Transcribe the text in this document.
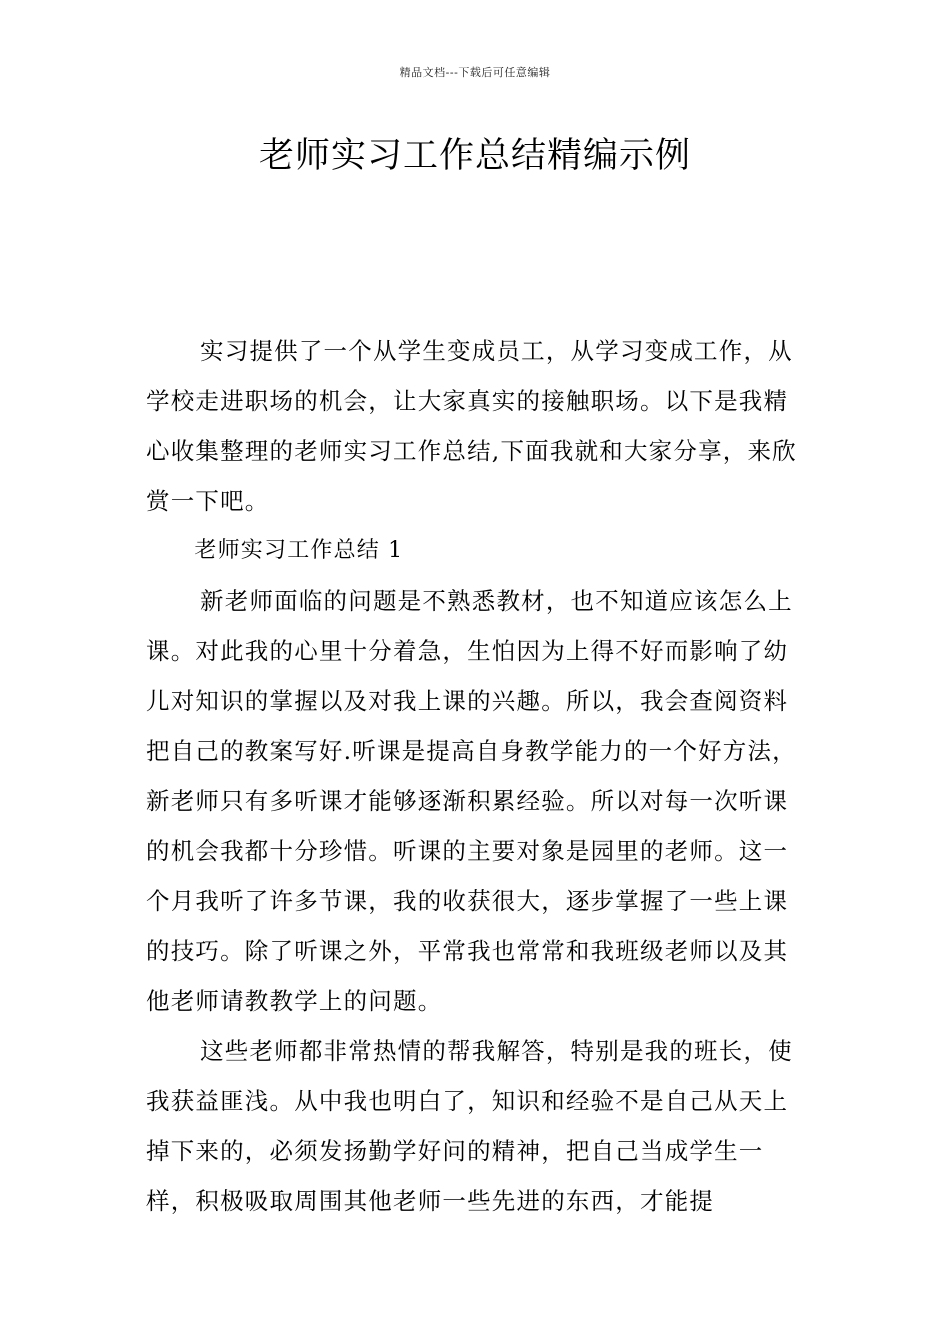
精品文档---下载后可任意编辑
老师实习工作总结精编示例

实习提供了一个从学生变成员工，从学习变成工作，从学校走进职场的机会，让大家真实的接触职场。以下是我精心收集整理的老师实习工作总结,下面我就和大家分享，来欣赏一下吧。

老师实习工作总结 1

新老师面临的问题是不熟悉教材，也不知道应该怎么上课。对此我的心里十分着急，生怕因为上得不好而影响了幼儿对知识的掌握以及对我上课的兴趣。所以，我会查阅资料把自己的教案写好.听课是提高自身教学能力的一个好方法，新老师只有多听课才能够逐渐积累经验。所以对每一次听课的机会我都十分珍惜。听课的主要对象是园里的老师。这一个月我听了许多节课，我的收获很大，逐步掌握了一些上课的技巧。除了听课之外，平常我也常常和我班级老师以及其他老师请教教学上的问题。

这些老师都非常热情的帮我解答，特别是我的班长，使我获益匪浅。从中我也明白了，知识和经验不是自己从天上掉下来的，必须发扬勤学好问的精神，把自己当成学生一样，积极吸取周围其他老师一些先进的东西，才能提
